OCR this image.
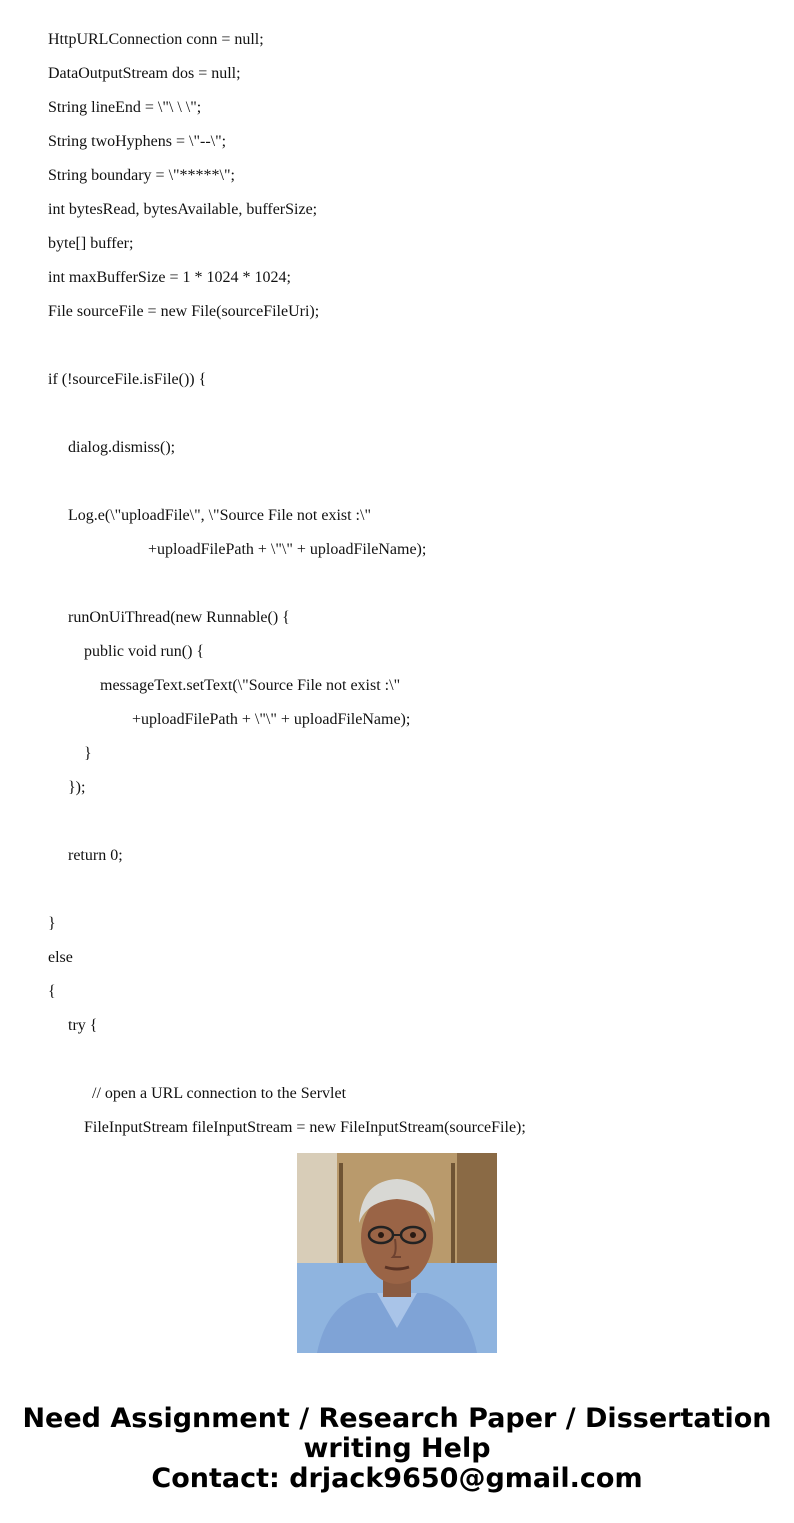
HttpURLConnection conn = null;
DataOutputStream dos = null;
String lineEnd = \"\ \ \";
String twoHyphens = \"--\";
String boundary = \"*****\";
int bytesRead, bytesAvailable, bufferSize;
byte[] buffer;
int maxBufferSize = 1 * 1024 * 1024;
File sourceFile = new File(sourceFileUri);
if (!sourceFile.isFile()) {
dialog.dismiss();
Log.e(\"uploadFile\", \"Source File not exist :\"
+uploadFilePath + \"\" + uploadFileName);
runOnUiThread(new Runnable() {
public void run() {
messageText.setText(\"Source File not exist :\"
+uploadFilePath + \"\" + uploadFileName);
}
});
return 0;
}
else
{
try {
// open a URL connection to the Servlet
FileInputStream fileInputStream = new FileInputStream(sourceFile);
Need Assignment / Research Paper / Dissertation
writing Help
Contact: drjack9650@gmail.com
